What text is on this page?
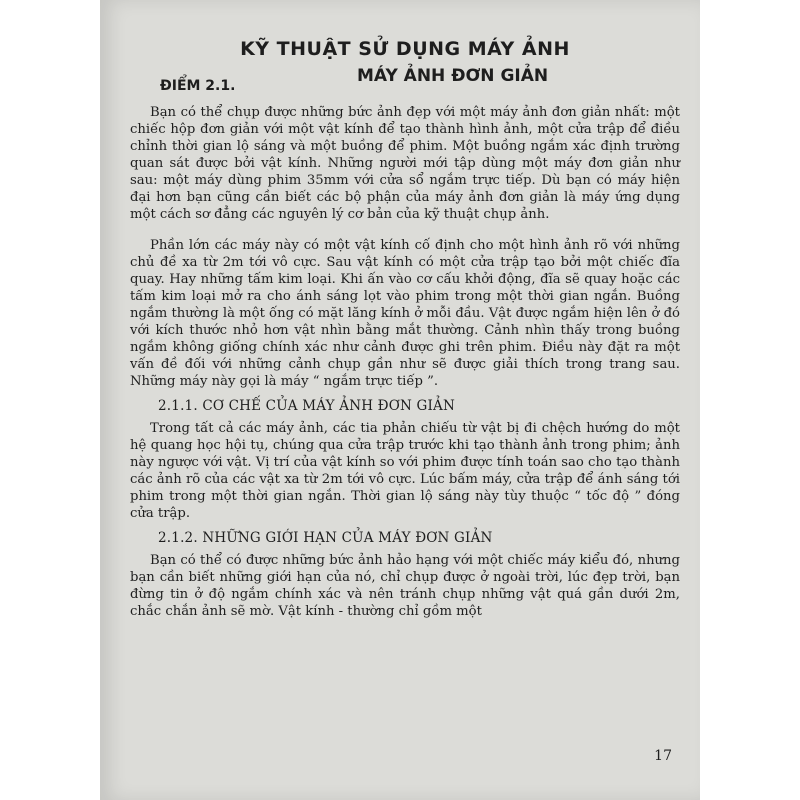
KỸ THUẬT SỬ DỤNG MÁY ẢNH
ĐIỂM 2.1.	MÁY ẢNH ĐƠN GIẢN

Bạn có thể chụp được những bức ảnh đẹp với một máy ảnh đơn giản nhất: một chiếc hộp đơn giản với một vật kính để tạo thành hình ảnh, một cửa trập để điều chỉnh thời gian lộ sáng và một buồng để phim. Một buồng ngắm xác định trường quan sát được bởi vật kính. Những người mới tập dùng một máy đơn giản như sau: một máy dùng phim 35mm với cửa sổ ngắm trực tiếp. Dù bạn có máy hiện đại hơn bạn cũng cần biết các bộ phận của máy ảnh đơn giản là máy ứng dụng một cách sơ đẳng các nguyên lý cơ bản của kỹ thuật chụp ảnh.

Phần lớn các máy này có một vật kính cố định cho một hình ảnh rõ với những chủ đề xa từ 2m tới vô cực. Sau vật kính có một cửa trập tạo bởi một chiếc đĩa quay. Hay những tấm kim loại. Khi ấn vào cơ cấu khởi động, đĩa sẽ quay hoặc các tấm kim loại mở ra cho ánh sáng lọt vào phim trong một thời gian ngắn. Buồng ngắm thường là một ống có mặt lăng kính ở mỗi đầu. Vật được ngắm hiện lên ở đó với kích thước nhỏ hơn vật nhìn bằng mắt thường. Cảnh nhìn thấy trong buồng ngắm không giống chính xác như cảnh được ghi trên phim. Điều này đặt ra một vấn đề đối với những cảnh chụp gần như sẽ được giải thích trong trang sau. Những máy này gọi là máy “ ngắm trực tiếp ”.

2.1.1. CƠ CHẾ CỦA MÁY ẢNH ĐƠN GIẢN

Trong tất cả các máy ảnh, các tia phản chiếu từ vật bị đi chệch hướng do một hệ quang học hội tụ, chúng qua cửa trập trước khi tạo thành ảnh trong phim; ảnh này ngược với vật. Vị trí của vật kính so với phim được tính toán sao cho tạo thành các ảnh rõ của các vật xa từ 2m tới vô cực. Lúc bấm máy, cửa trập để ánh sáng tới phim trong một thời gian ngắn. Thời gian lộ sáng này tùy thuộc “ tốc độ ” đóng cửa trập.

2.1.2. NHỮNG GIỚI HẠN CỦA MÁY ĐƠN GIẢN

Bạn có thể có được những bức ảnh hảo hạng với một chiếc máy kiểu đó, nhưng bạn cần biết những giới hạn của nó, chỉ chụp được ở ngoài trời, lúc đẹp trời, bạn đừng tin ở độ ngắm chính xác và nên tránh chụp những vật quá gần dưới 2m, chắc chắn ảnh sẽ mờ. Vật kính - thường chỉ gồm một

17
